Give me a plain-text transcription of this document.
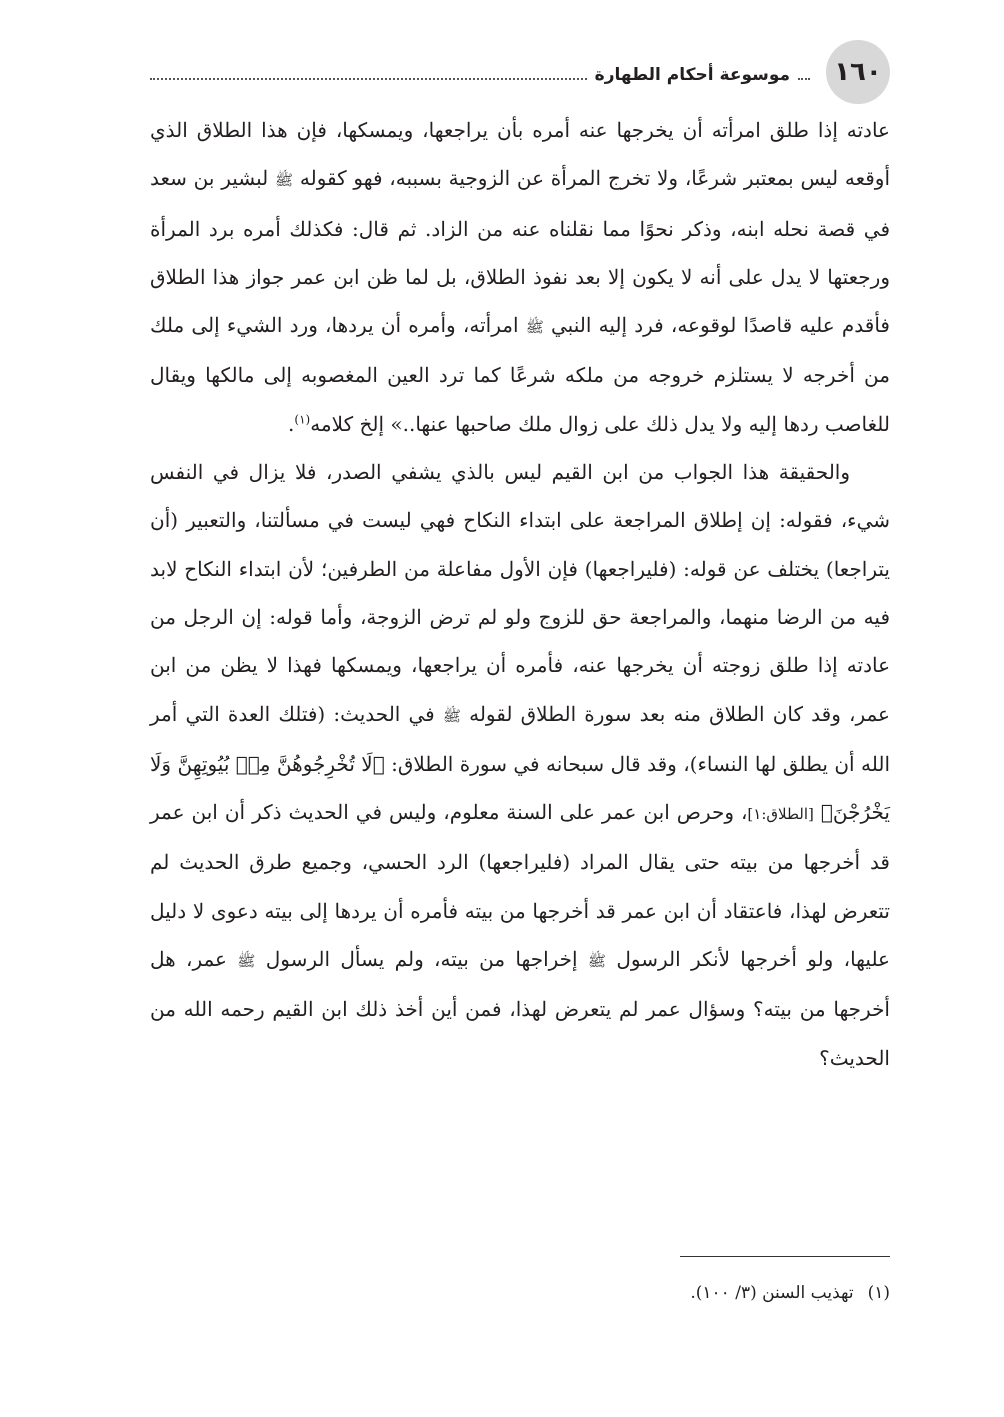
١٦٠
موسوعة أحكام الطهارة

عادته إذا طلق امرأته أن يخرجها عنه أمره بأن يراجعها، ويمسكها، فإن هذا الطلاق الذي أوقعه ليس بمعتبر شرعًا، ولا تخرج المرأة عن الزوجية بسببه، فهو كقوله ﷺ لبشير بن سعد في قصة نحله ابنه، وذكر نحوًا مما نقلناه عنه من الزاد. ثم قال: فكذلك أمره برد المرأة ورجعتها لا يدل على أنه لا يكون إلا بعد نفوذ الطلاق، بل لما ظن ابن عمر جواز هذا الطلاق فأقدم عليه قاصدًا لوقوعه، فرد إليه النبي ﷺ امرأته، وأمره أن يردها، ورد الشيء إلى ملك من أخرجه لا يستلزم خروجه من ملكه شرعًا كما ترد العين المغصوبه إلى مالكها ويقال للغاصب ردها إليه ولا يدل ذلك على زوال ملك صاحبها عنها..» إلخ كلامه$^{(١)}$.

والحقيقة هذا الجواب من ابن القيم ليس بالذي يشفي الصدر، فلا يزال في النفس شيء، فقوله: إن إطلاق المراجعة على ابتداء النكاح فهي ليست في مسألتنا، والتعبير (أن يتراجعا) يختلف عن قوله: (فليراجعها) فإن الأول مفاعلة من الطرفين؛ لأن ابتداء النكاح لابد فيه من الرضا منهما، والمراجعة حق للزوج ولو لم ترض الزوجة، وأما قوله: إن الرجل من عادته إذا طلق زوجته أن يخرجها عنه، فأمره أن يراجعها، ويمسكها فهذا لا يظن من ابن عمر، وقد كان الطلاق منه بعد سورة الطلاق لقوله ﷺ في الحديث: (فتلك العدة التي أمر الله أن يطلق لها النساء)، وقد قال سبحانه في سورة الطلاق: ﴿لَا تُخْرِجُوهُنَّ مِنۢ بُيُوتِهِنَّ وَلَا يَخْرُجْنَ﴾ [الطلاق:١]، وحرص ابن عمر على السنة معلوم، وليس في الحديث ذكر أن ابن عمر قد أخرجها من بيته حتى يقال المراد (فليراجعها) الرد الحسي، وجميع طرق الحديث لم تتعرض لهذا، فاعتقاد أن ابن عمر قد أخرجها من بيته فأمره أن يردها إلى بيته دعوى لا دليل عليها، ولو أخرجها لأنكر الرسول ﷺ إخراجها من بيته، ولم يسأل الرسول ﷺ عمر، هل أخرجها من بيته؟ وسؤال عمر لم يتعرض لهذا، فمن أين أخذ ذلك ابن القيم رحمه الله من الحديث؟

(١)تهذيب السنن (٣/ ١٠٠).
